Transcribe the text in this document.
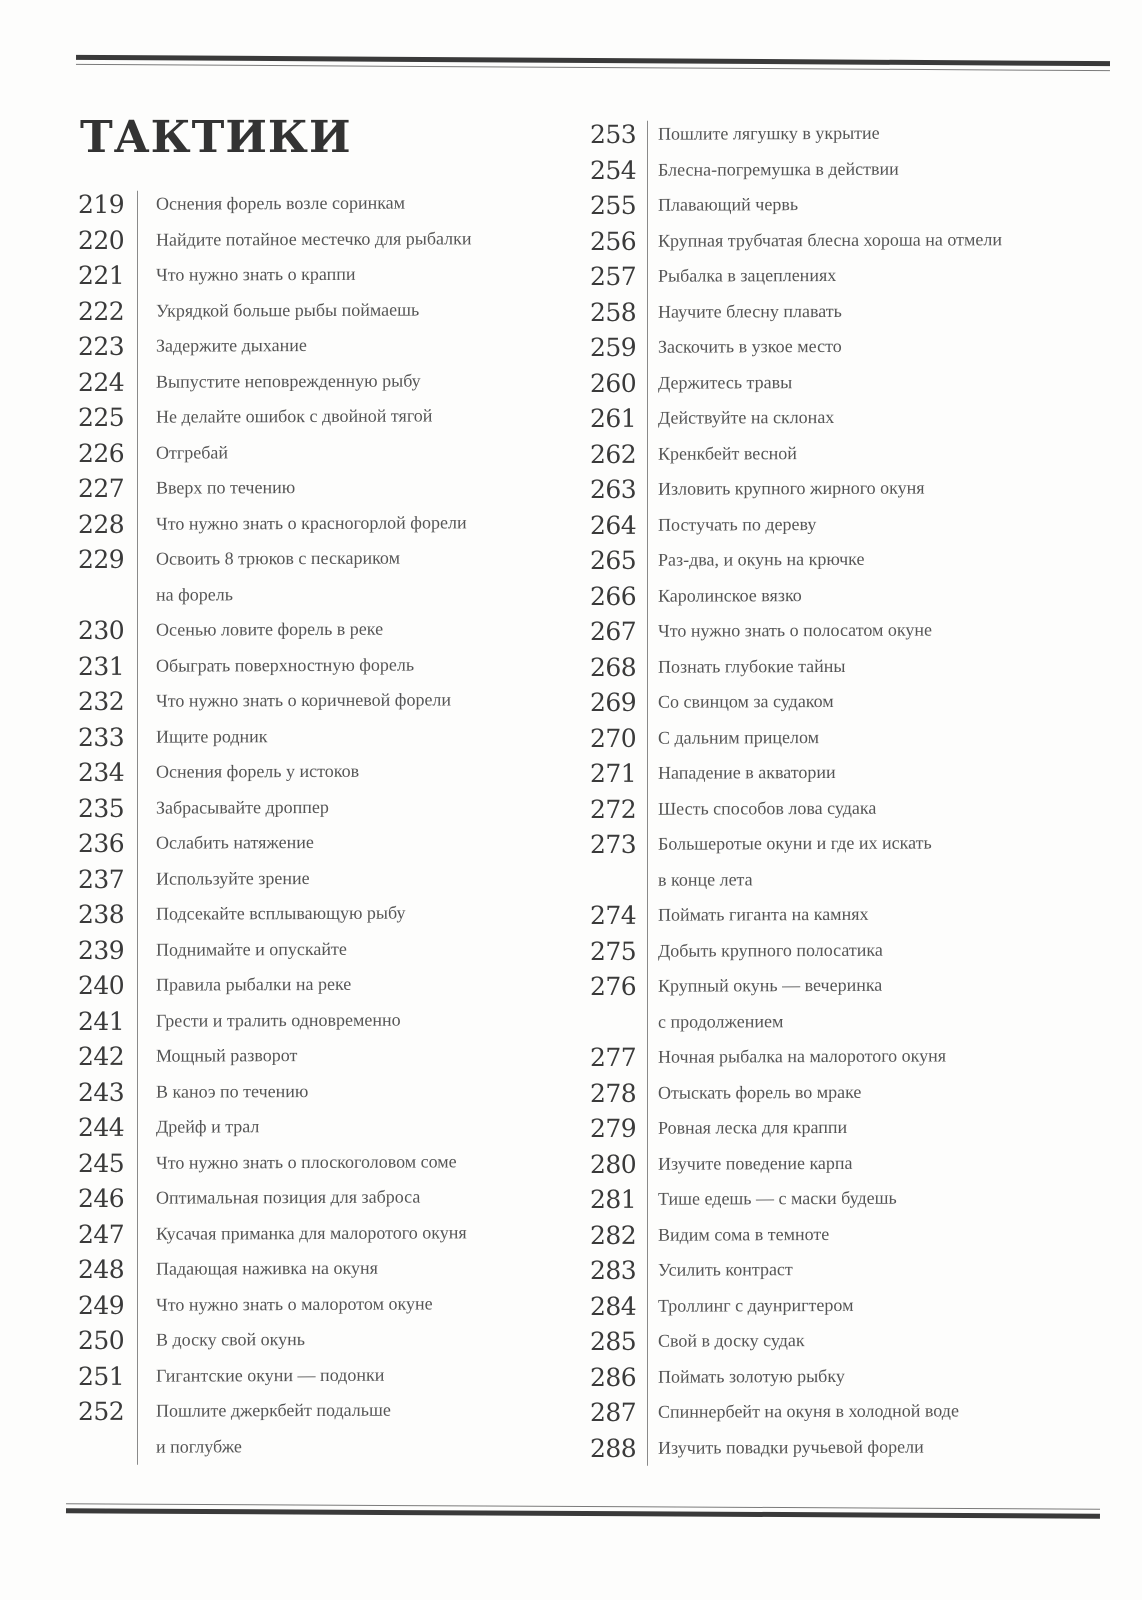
ТАКТИКИ
219	Оснения форель возле соринкам
220	Найдите потайное местечко для рыбалки
221	Что нужно знать о краппи
222	Укрядкой больше рыбы поймаешь
223	Задержите дыхание
224	Выпустите неповрежденную рыбу
225	Не делайте ошибок с двойной тягой
226	Отгребай
227	Вверх по течению
228	Что нужно знать о красногорлой форели
229	Освоить 8 трюков с пескариком
на форель
230	Осенью ловите форель в реке
231	Обыграть поверхностную форель
232	Что нужно знать о коричневой форели
233	Ищите родник
234	Оснения форель у истоков
235	Забрасывайте дроппер
236	Ослабить натяжение
237	Используйте зрение
238	Подсекайте всплывающую рыбу
239	Поднимайте и опускайте
240	Правила рыбалки на реке
241	Грести и тралить одновременно
242	Мощный разворот
243	В каноэ по течению
244	Дрейф и трал
245	Что нужно знать о плоскоголовом соме
246	Оптимальная позиция для заброса
247	Кусачая приманка для малоротого окуня
248	Падающая наживка на окуня
249	Что нужно знать о малоротом окуне
250	В доску свой окунь
251	Гигантские окуни — подонки
252	Пошлите джеркбейт подальше
и поглубже
253	Пошлите лягушку в укрытие
254	Блесна-погремушка в действии
255	Плавающий червь
256	Крупная трубчатая блесна хороша на отмели
257	Рыбалка в зацеплениях
258	Научите блесну плавать
259	Заскочить в узкое место
260	Держитесь травы
261	Действуйте на склонах
262	Кренкбейт весной
263	Изловить крупного жирного окуня
264	Постучать по дереву
265	Раз-два, и окунь на крючке
266	Каролинское вязко
267	Что нужно знать о полосатом окуне
268	Познать глубокие тайны
269	Со свинцом за судаком
270	С дальним прицелом
271	Нападение в акватории
272	Шесть способов лова судака
273	Большеротые окуни и где их искать
в конце лета
274	Поймать гиганта на камнях
275	Добыть крупного полосатика
276	Крупный окунь — вечеринка
с продолжением
277	Ночная рыбалка на малоротого окуня
278	Отыскать форель во мраке
279	Ровная леска для краппи
280	Изучите поведение карпа
281	Тише едешь — с маски будешь
282	Видим сома в темноте
283	Усилить контраст
284	Троллинг с даунригтером
285	Свой в доску судак
286	Поймать золотую рыбку
287	Спиннербейт на окуня в холодной воде
288	Изучить повадки ручьевой форели
